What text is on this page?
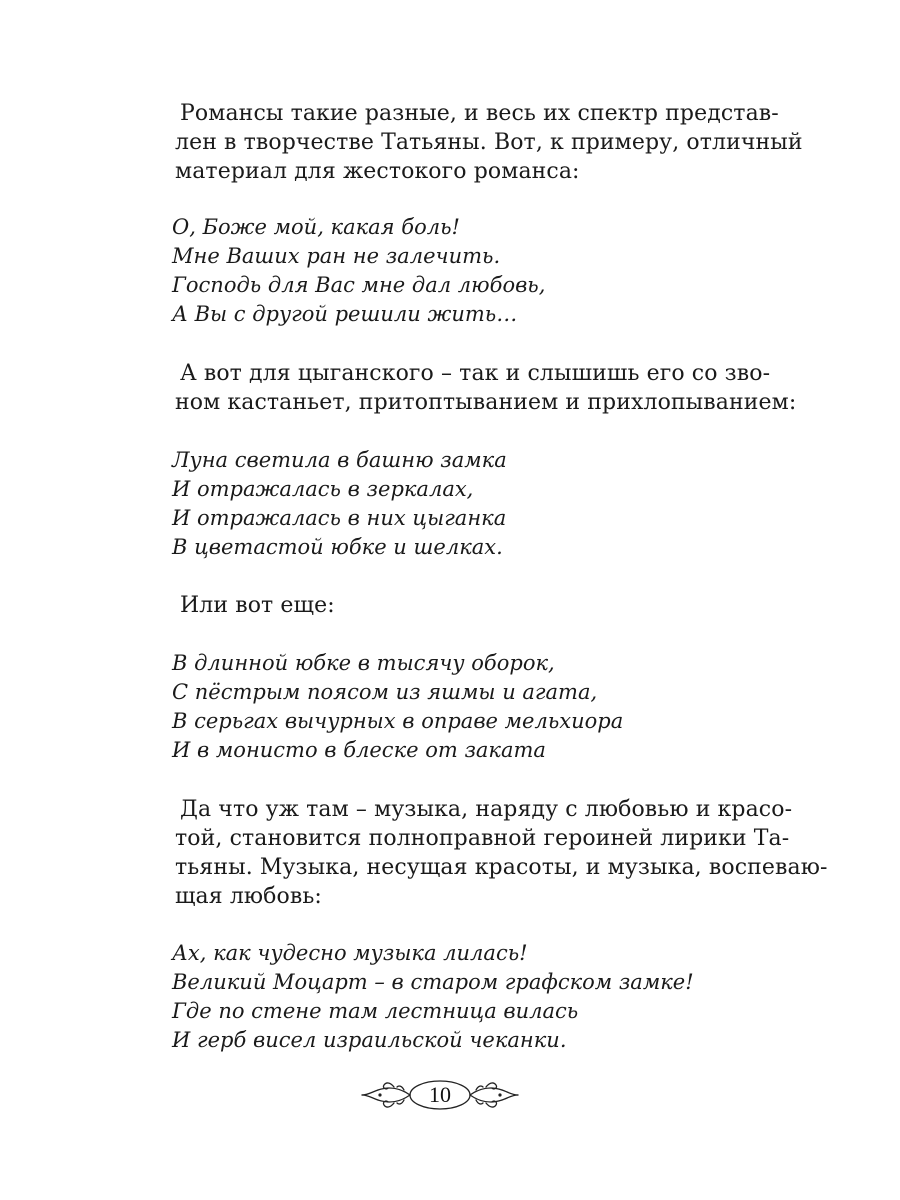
Романсы такие разные, и весь их спектр представ-
лен в творчестве Татьяны. Вот, к примеру, отличный
материал для жестокого романса:
О, Боже мой, какая боль!
Мне Ваших ран не залечить.
Господь для Вас мне дал любовь,
А Вы с другой решили жить…
А вот для цыганского – так и слышишь его со зво-
ном кастаньет, притоптыванием и прихлопыванием:
Луна светила в башню замка
И отражалась в зеркалах,
И отражалась в них цыганка
В цветастой юбке и шелках.
Или вот еще:
В длинной юбке в тысячу оборок,
С пёстрым поясом из яшмы и агата,
В серьгах вычурных в оправе мельхиора
И в монисто в блеске от заката
Да что уж там – музыка, наряду с любовью и красо-
той, становится полноправной героиней лирики Та-
тьяны. Музыка, несущая красоты, и музыка, воспеваю-
щая любовь:
Ах, как чудесно музыка лилась!
Великий Моцарт – в старом графском замке!
Где по стене там лестница вилась
И герб висел израильской чеканки.
10
